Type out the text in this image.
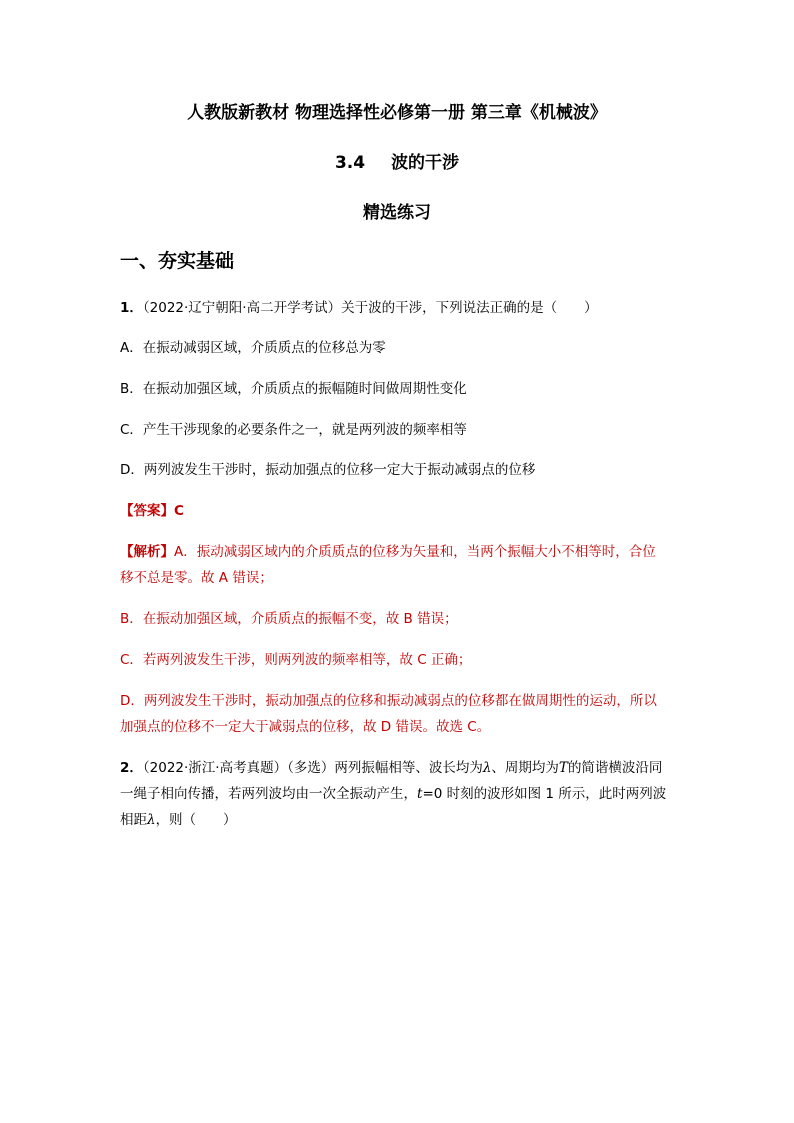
人教版新教材 物理选择性必修第一册 第三章《机械波》
3.4 波的干涉
精选练习
一、夯实基础
1．（2022·辽宁朝阳·高二开学考试）关于波的干涉，下列说法正确的是（　　）
A．在振动减弱区域，介质质点的位移总为零
B．在振动加强区域，介质质点的振幅随时间做周期性变化
C．产生干涉现象的必要条件之一，就是两列波的频率相等
D．两列波发生干涉时，振动加强点的位移一定大于振动减弱点的位移
【答案】C
【解析】A．振动减弱区域内的介质质点的位移为矢量和，当两个振幅大小不相等时，合位
移不总是零。故 A 错误；
B．在振动加强区域，介质质点的振幅不变，故 B 错误；
C．若两列波发生干涉，则两列波的频率相等，故 C 正确；
D．两列波发生干涉时，振动加强点的位移和振动减弱点的位移都在做周期性的运动，所以
加强点的位移不一定大于减弱点的位移，故 D 错误。故选 C。
2．（2022·浙江·高考真题）（多选）两列振幅相等、波长均为λ、周期均为T的简谐横波沿同
一绳子相向传播，若两列波均由一次全振动产生，t=0 时刻的波形如图 1 所示，此时两列波
相距λ，则（　　）
